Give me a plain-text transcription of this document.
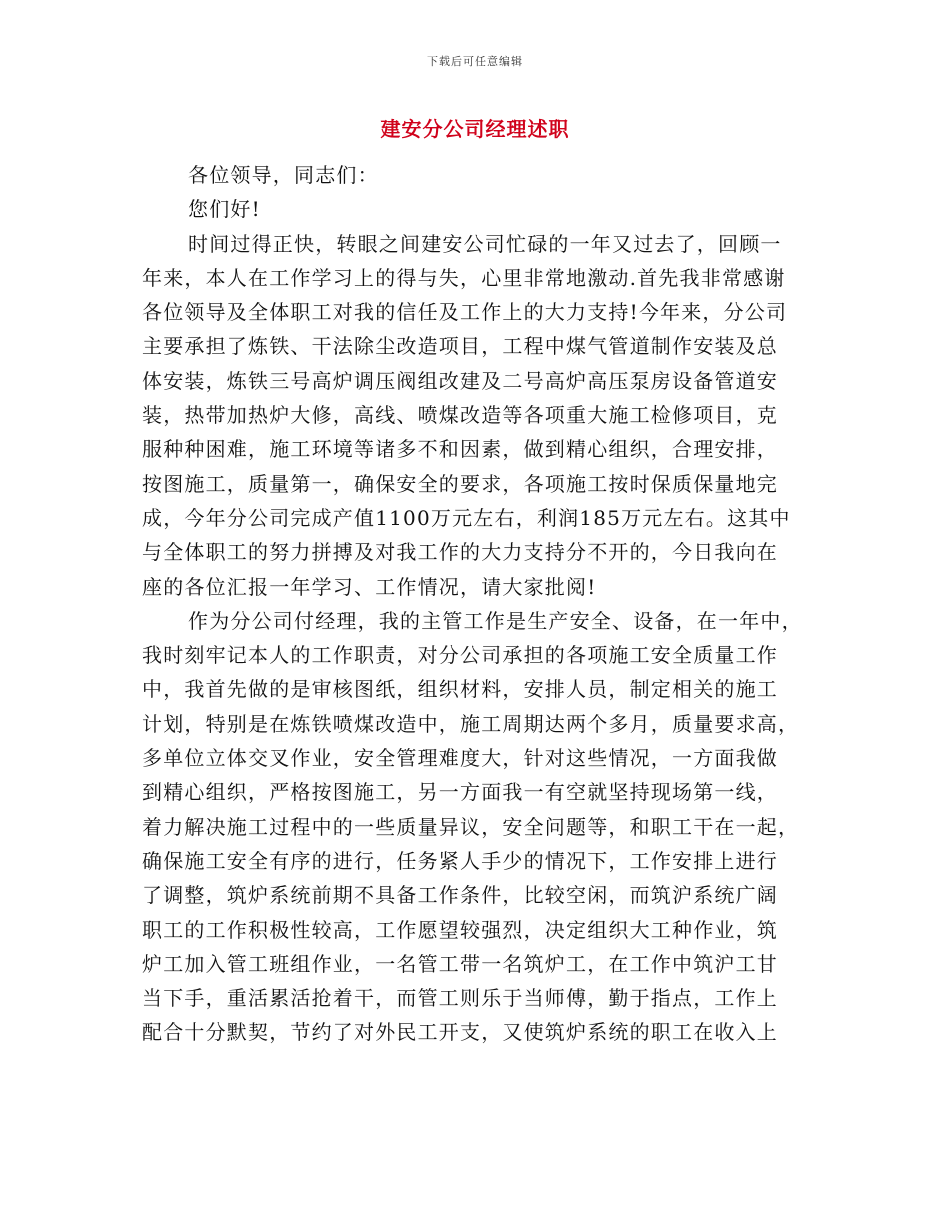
下载后可任意编辑
建安分公司经理述职
各位领导，同志们：
您们好!
时间过得正快，转眼之间建安公司忙碌的一年又过去了，回顾一
年来，本人在工作学习上的得与失，心里非常地激动.首先我非常感谢
各位领导及全体职工对我的信任及工作上的大力支持!今年来，分公司
主要承担了炼铁、干法除尘改造项目，工程中煤气管道制作安装及总
体安装，炼铁三号高炉调压阀组改建及二号高炉高压泵房设备管道安
装，热带加热炉大修，高线、喷煤改造等各项重大施工检修项目，克
服种种困难，施工环境等诸多不和因素，做到精心组织，合理安排，
按图施工，质量第一，确保安全的要求，各项施工按时保质保量地完
成，今年分公司完成产值1100万元左右，利润185万元左右。这其中
与全体职工的努力拼搏及对我工作的大力支持分不开的，今日我向在
座的各位汇报一年学习、工作情况，请大家批阅!
作为分公司付经理，我的主管工作是生产安全、设备，在一年中，
我时刻牢记本人的工作职责，对分公司承担的各项施工安全质量工作
中，我首先做的是审核图纸，组织材料，安排人员，制定相关的施工
计划，特别是在炼铁喷煤改造中，施工周期达两个多月，质量要求高，
多单位立体交叉作业，安全管理难度大，针对这些情况，一方面我做
到精心组织，严格按图施工，另一方面我一有空就坚持现场第一线，
着力解决施工过程中的一些质量异议，安全问题等，和职工干在一起，
确保施工安全有序的进行，任务紧人手少的情况下，工作安排上进行
了调整，筑炉系统前期不具备工作条件，比较空闲，而筑沪系统广阔
职工的工作积极性较高，工作愿望较强烈，决定组织大工种作业，筑
炉工加入管工班组作业，一名管工带一名筑炉工，在工作中筑沪工甘
当下手，重活累活抢着干，而管工则乐于当师傅，勤于指点，工作上
配合十分默契，节约了对外民工开支，又使筑炉系统的职工在收入上
